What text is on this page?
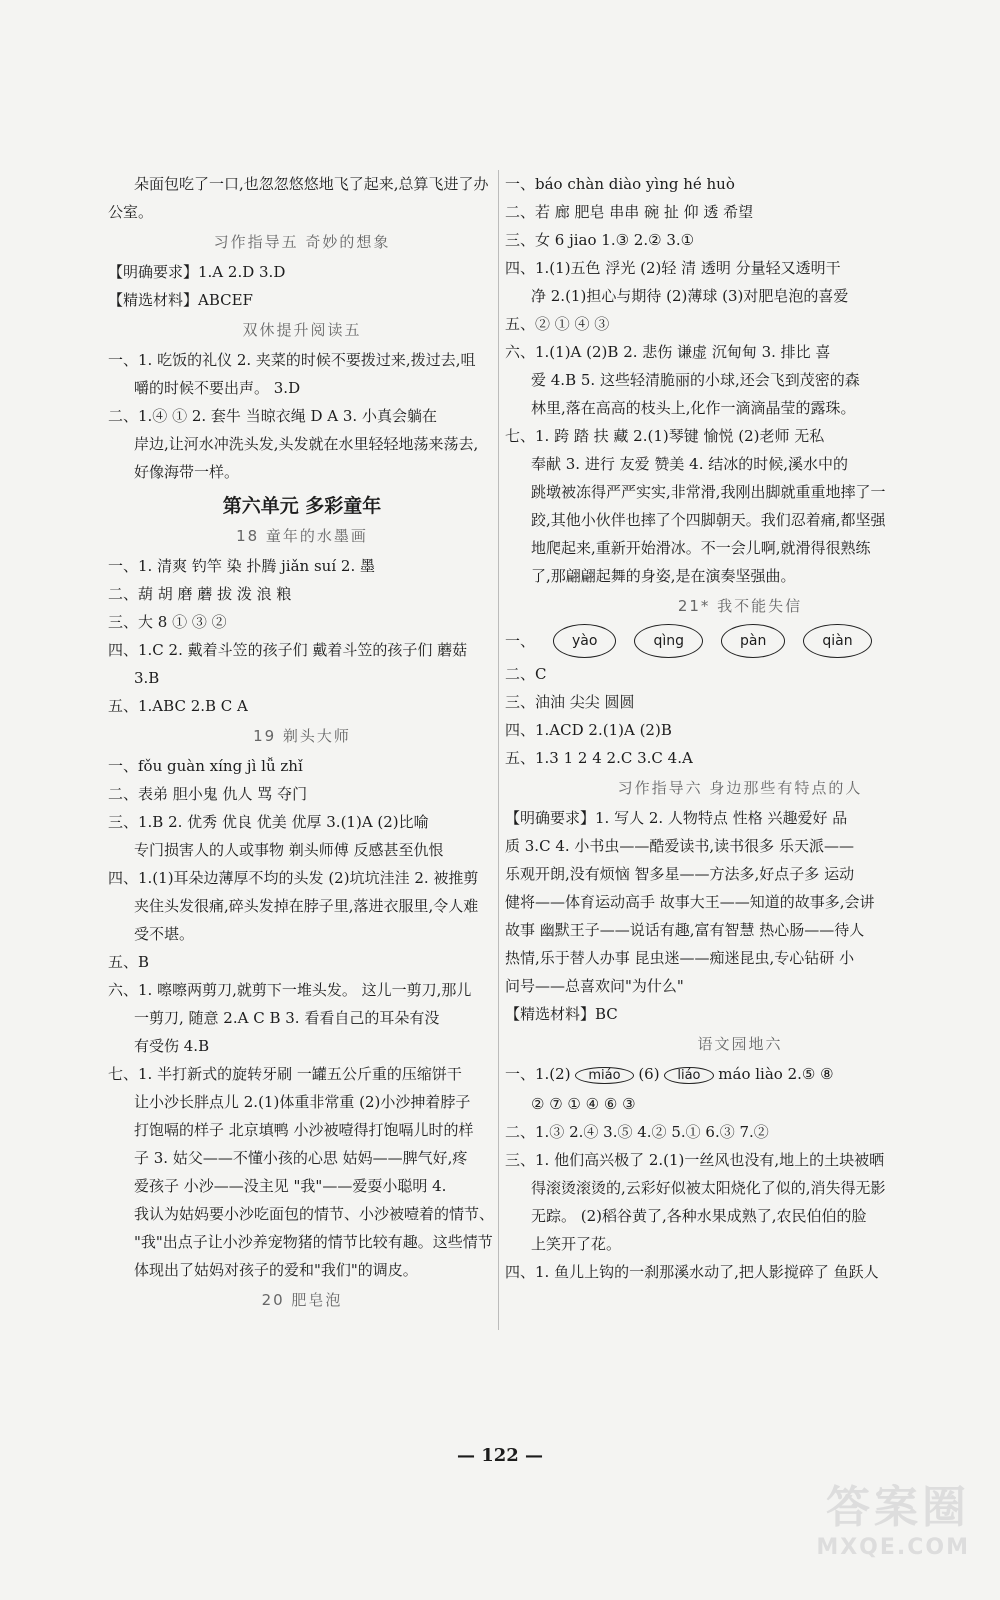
朵面包吃了一口,也忽忽悠悠地飞了起来,总算飞进了办
公室。
习作指导五 奇妙的想象
【明确要求】1.A 2.D 3.D
【精选材料】ABCEF
双休提升阅读五
一、1. 吃饭的礼仪 2. 夹菜的时候不要拨过来,拨过去,咀
嚼的时候不要出声。 3.D
二、1.④ ① 2. 套牛 当晾衣绳 D A 3. 小真会躺在
岸边,让河水冲洗头发,头发就在水里轻轻地荡来荡去,
好像海带一样。
第六单元 多彩童年
18 童年的水墨画
一、1. 清爽 钓竿 染 扑腾 jiǎn suí 2. 墨
二、葫 胡 磨 蘑 拔 泼 浪 粮
三、大 8 ① ③ ②
四、1.C 2. 戴着斗笠的孩子们 戴着斗笠的孩子们 蘑菇
3.B
五、1.ABC 2.B C A
19 剃头大师
一、fǒu guàn xíng jì lǚ zhǐ
二、表弟 胆小鬼 仇人 骂 夺门
三、1.B 2. 优秀 优良 优美 优厚 3.(1)A (2)比喻
专门损害人的人或事物 剃头师傅 反感甚至仇恨
四、1.(1)耳朵边薄厚不均的头发 (2)坑坑洼洼 2. 被推剪
夹住头发很痛,碎头发掉在脖子里,落进衣服里,令人难
受不堪。
五、B
六、1. 嚓嚓两剪刀,就剪下一堆头发。 这儿一剪刀,那儿
一剪刀, 随意 2.A C B 3. 看看自己的耳朵有没
有受伤 4.B
七、1. 半打新式的旋转牙刷 一罐五公斤重的压缩饼干
让小沙长胖点儿 2.(1)体重非常重 (2)小沙抻着脖子
打饱嗝的样子 北京填鸭 小沙被噎得打饱嗝儿时的样
子 3. 姑父——不懂小孩的心思 姑妈——脾气好,疼
爱孩子 小沙——没主见 "我"——爱耍小聪明 4.
我认为姑妈要小沙吃面包的情节、小沙被噎着的情节、
"我"出点子让小沙养宠物猪的情节比较有趣。这些情节
体现出了姑妈对孩子的爱和"我们"的调皮。
20 肥皂泡
一、báo chàn diào yìng hé huò
二、若 廊 肥皂 串串 碗 扯 仰 透 希望
三、女 6 jiao 1.③ 2.② 3.①
四、1.(1)五色 浮光 (2)轻 清 透明 分量轻又透明干
净 2.(1)担心与期待 (2)薄球 (3)对肥皂泡的喜爱
五、② ① ④ ③
六、1.(1)A (2)B 2. 悲伤 谦虚 沉甸甸 3. 排比 喜
爱 4.B 5. 这些轻清脆丽的小球,还会飞到茂密的森
林里,落在高高的枝头上,化作一滴滴晶莹的露珠。
七、1. 跨 踏 扶 藏 2.(1)琴键 愉悦 (2)老师 无私
奉献 3. 进行 友爱 赞美 4. 结冰的时候,溪水中的
跳墩被冻得严严实实,非常滑,我刚出脚就重重地摔了一
跤,其他小伙伴也摔了个四脚朝天。我们忍着痛,都坚强
地爬起来,重新开始滑冰。不一会儿啊,就滑得很熟练
了,那翩翩起舞的身姿,是在演奏坚强曲。
21* 我不能失信
一、	yào	qìng	pàn	qiàn
二、C
三、油油 尖尖 圆圆
四、1.ACD 2.(1)A (2)B
五、1.3 1 2 4 2.C 3.C 4.A
习作指导六 身边那些有特点的人
【明确要求】1. 写人 2. 人物特点 性格 兴趣爱好 品
质 3.C 4. 小书虫——酷爱读书,读书很多 乐天派——
乐观开朗,没有烦恼 智多星——方法多,好点子多 运动
健将——体育运动高手 故事大王——知道的故事多,会讲
故事 幽默王子——说话有趣,富有智慧 热心肠——待人
热情,乐于替人办事 昆虫迷——痴迷昆虫,专心钻研 小
问号——总喜欢问"为什么"
【精选材料】BC
语文园地六
一、1.(2) miáo (6) liáo máo liào 2.⑤ ⑧
② ⑦ ① ④ ⑥ ③
二、1.③ 2.④ 3.⑤ 4.② 5.① 6.③ 7.②
三、1. 他们高兴极了 2.(1)一丝风也没有,地上的土块被晒
得滚烫滚烫的,云彩好似被太阳烧化了似的,消失得无影
无踪。 (2)稻谷黄了,各种水果成熟了,农民伯伯的脸
上笑开了花。
四、1. 鱼儿上钩的一刹那溪水动了,把人影搅碎了 鱼跃人
— 122 —
答案圈
MXQE.COM
